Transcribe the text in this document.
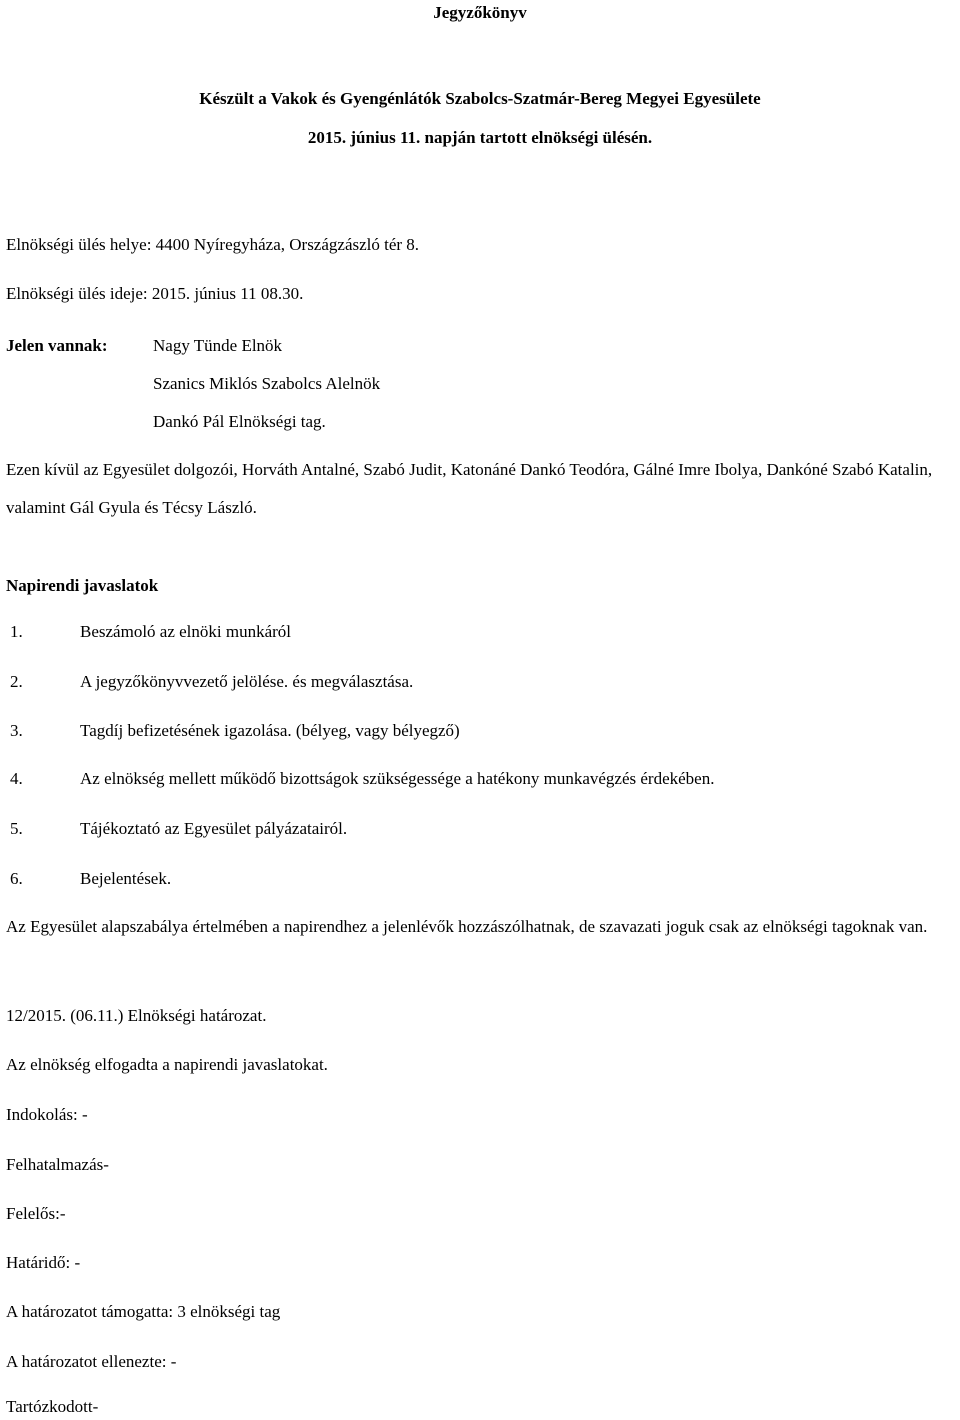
Jegyzőkönyv
Készült a Vakok és Gyengénlátók Szabolcs-Szatmár-Bereg Megyei Egyesülete
2015. június 11. napján tartott elnökségi ülésén.
Elnökségi ülés helye: 4400 Nyíregyháza, Országzászló tér 8.
Elnökségi ülés ideje: 2015. június 11 08.30.
Jelen vannak:	Nagy Tünde Elnök
Szanics Miklós Szabolcs Alelnök
Dankó Pál Elnökségi tag.
Ezen kívül az Egyesület dolgozói, Horváth Antalné, Szabó Judit, Katonáné Dankó Teodóra, Gálné Imre Ibolya, Dankóné Szabó Katalin, valamint Gál Gyula és Técsy László.
Napirendi javaslatok
1.	Beszámoló az elnöki munkáról
2.	A jegyzőkönyvvezető jelölése. és megválasztása.
3.	Tagdíj befizetésének igazolása. (bélyeg, vagy bélyegző)
4.	Az elnökség mellett működő bizottságok szükségessége a hatékony munkavégzés érdekében.
5.	Tájékoztató az Egyesület pályázatairól.
6.	Bejelentések.
Az Egyesület alapszabálya értelmében a napirendhez a jelenlévők hozzászólhatnak, de szavazati joguk csak az elnökségi tagoknak van.
12/2015. (06.11.) Elnökségi határozat.
Az elnökség elfogadta a napirendi javaslatokat.
Indokolás: -
Felhatalmazás-
Felelős:-
Határidő: -
A határozatot támogatta: 3 elnökségi tag
A határozatot ellenezte: -
Tartózkodott-
